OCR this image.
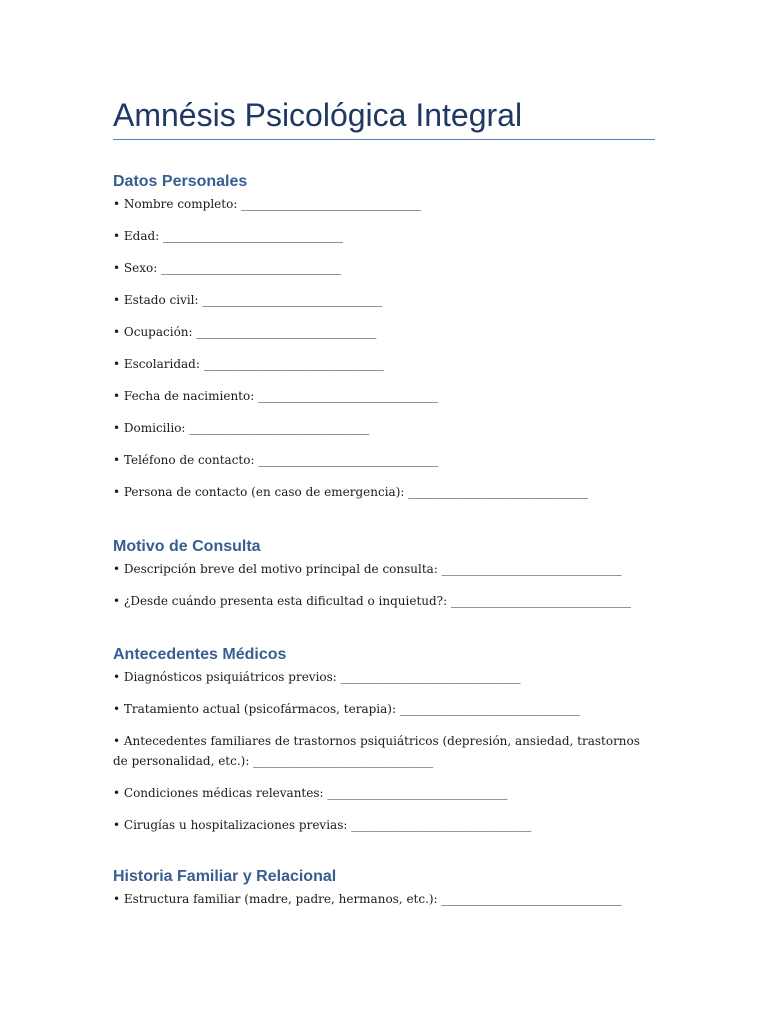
Amnésis Psicológica Integral
Datos Personales

• Nombre completo: ______________________________

• Edad: ______________________________

• Sexo: ______________________________

• Estado civil: ______________________________

• Ocupación: ______________________________

• Escolaridad: ______________________________

• Fecha de nacimiento: ______________________________

• Domicilio: ______________________________

• Teléfono de contacto: ______________________________

• Persona de contacto (en caso de emergencia): ______________________________

Motivo de Consulta

• Descripción breve del motivo principal de consulta: ______________________________

• ¿Desde cuándo presenta esta dificultad o inquietud?: ______________________________

Antecedentes Médicos

• Diagnósticos psiquiátricos previos: ______________________________

• Tratamiento actual (psicofármacos, terapia): ______________________________

• Antecedentes familiares de trastornos psiquiátricos (depresión, ansiedad, trastornos de personalidad, etc.): ______________________________

• Condiciones médicas relevantes: ______________________________

• Cirugías u hospitalizaciones previas: ______________________________

Historia Familiar y Relacional

• Estructura familiar (madre, padre, hermanos, etc.): ______________________________
